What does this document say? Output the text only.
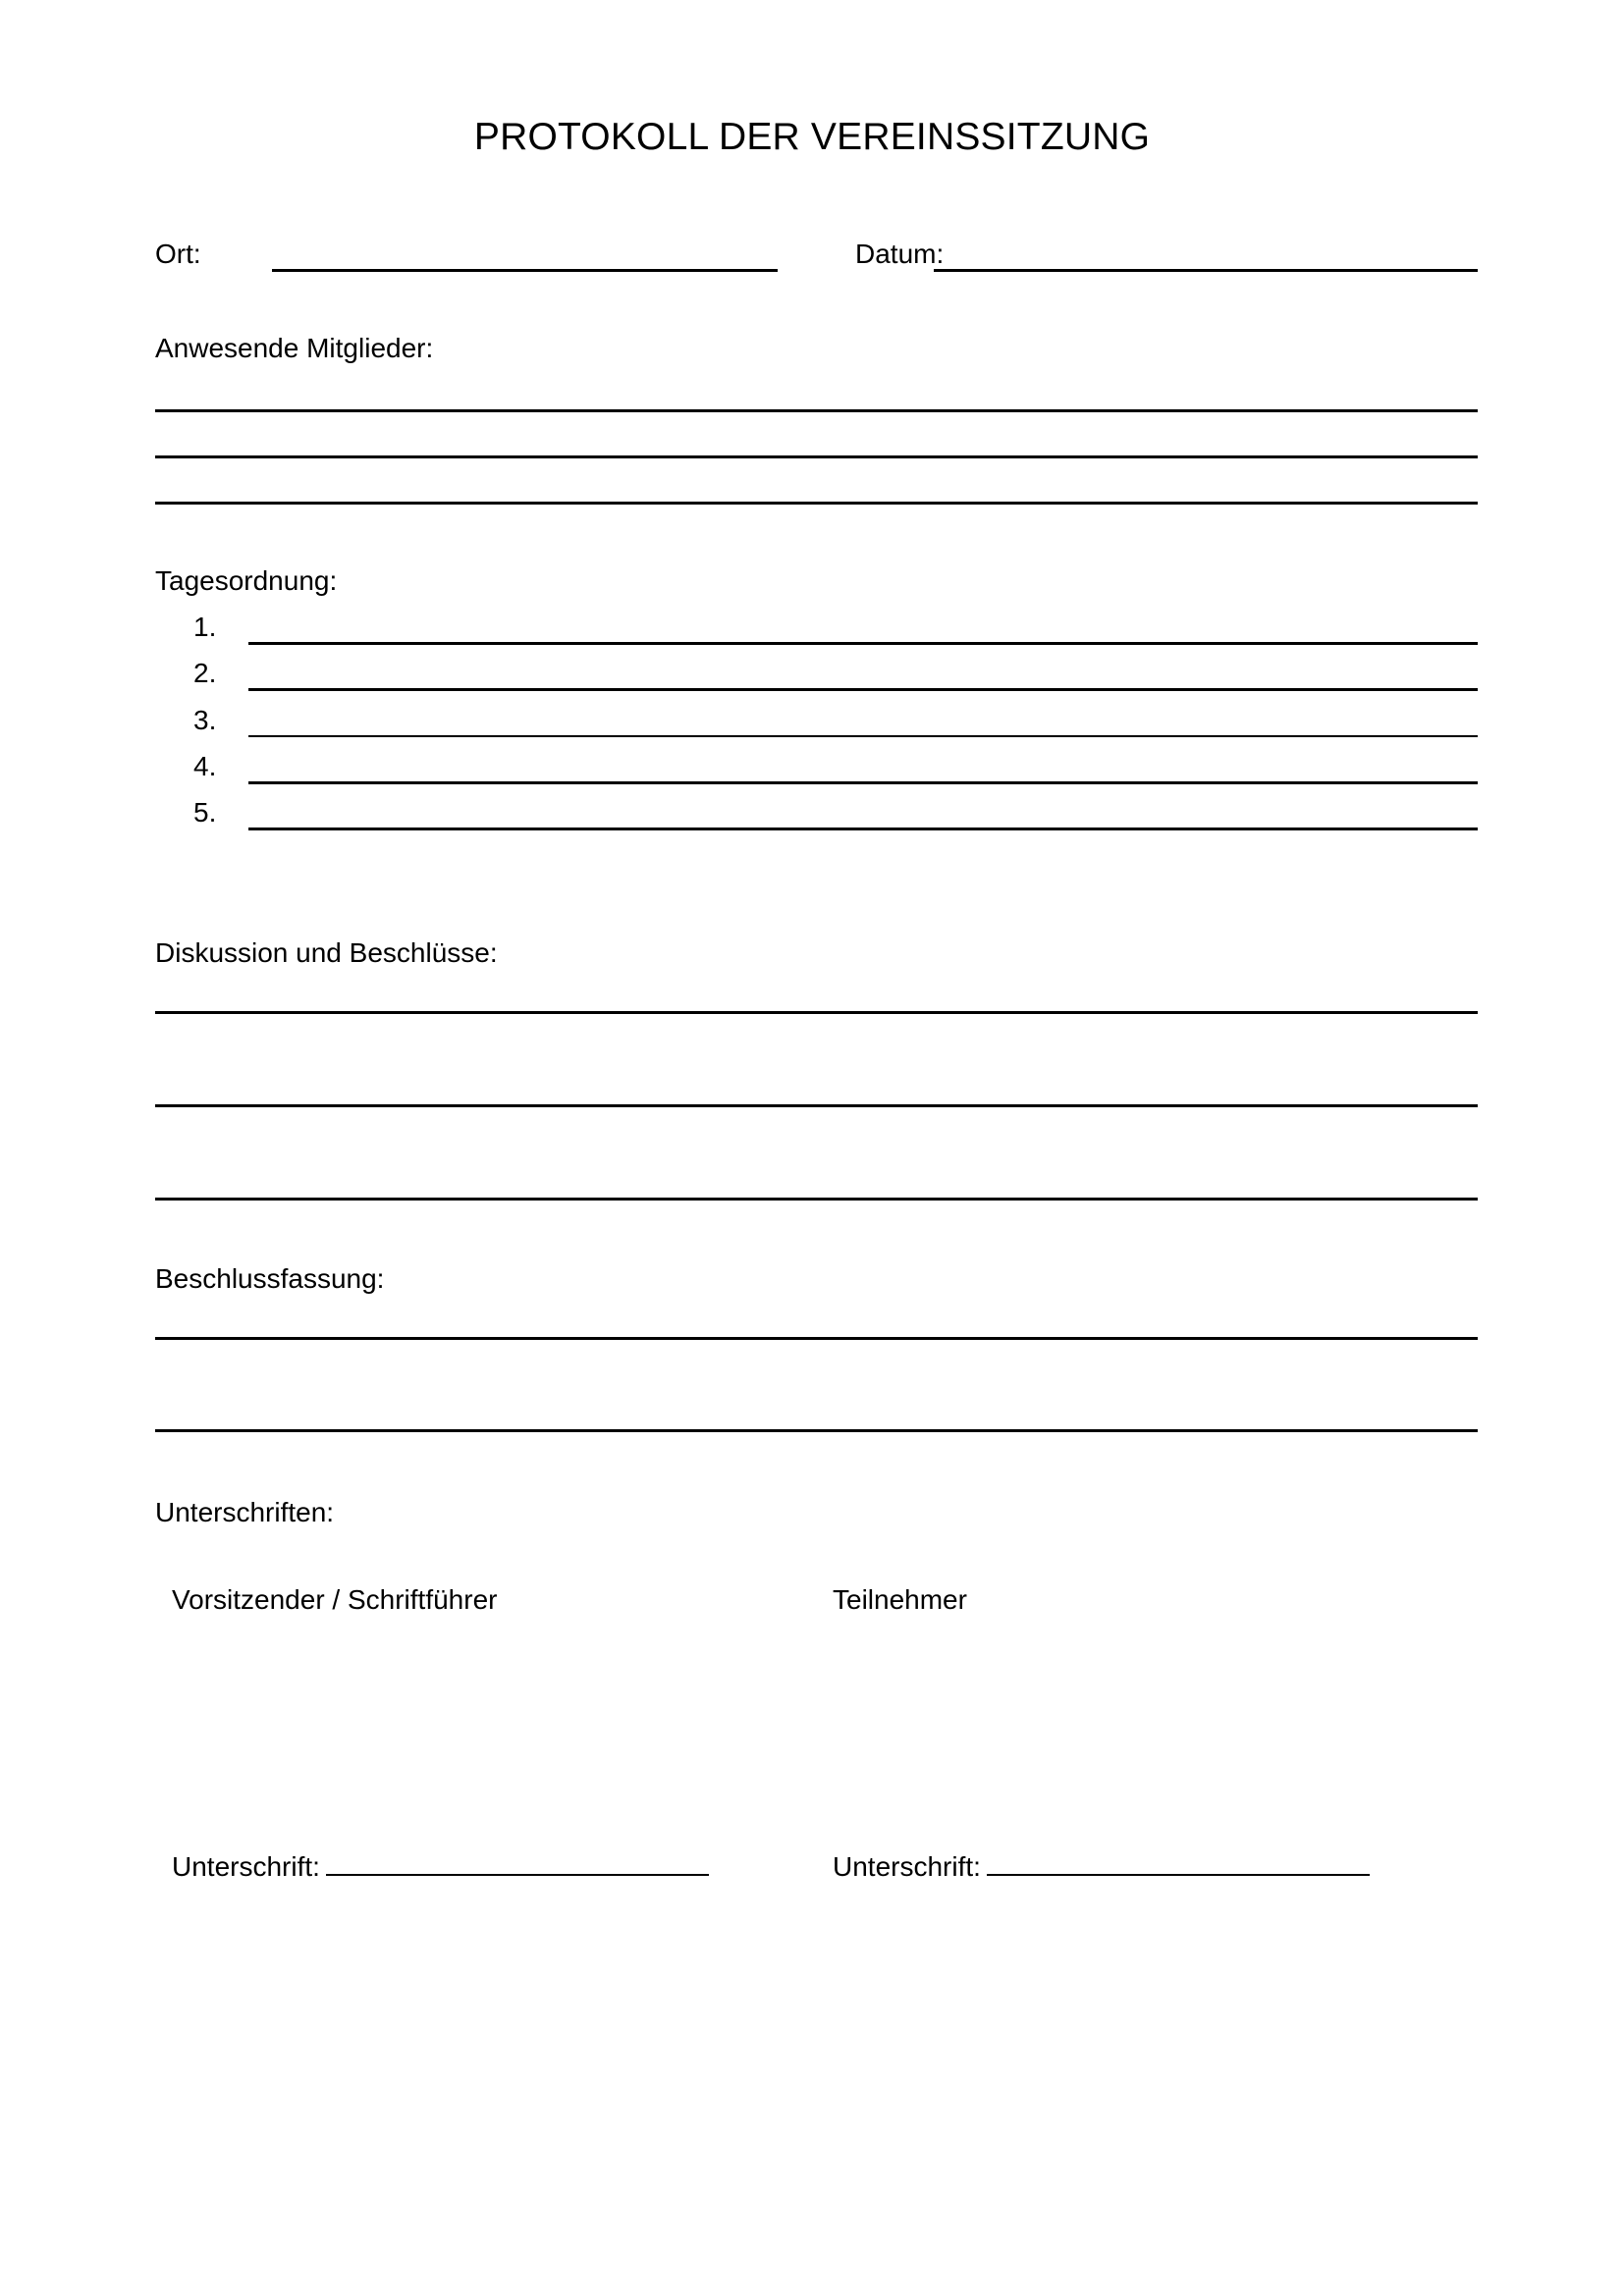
PROTOKOLL DER VEREINSSITZUNG
Ort:	Datum:
Anwesende Mitglieder:
Tagesordnung:
1.
2.
3.
4.
5.
Diskussion und Beschlüsse:
Beschlussfassung:
Unterschriften:
Vorsitzender / Schriftführer	Teilnehmer
Unterschrift:	Unterschrift:
